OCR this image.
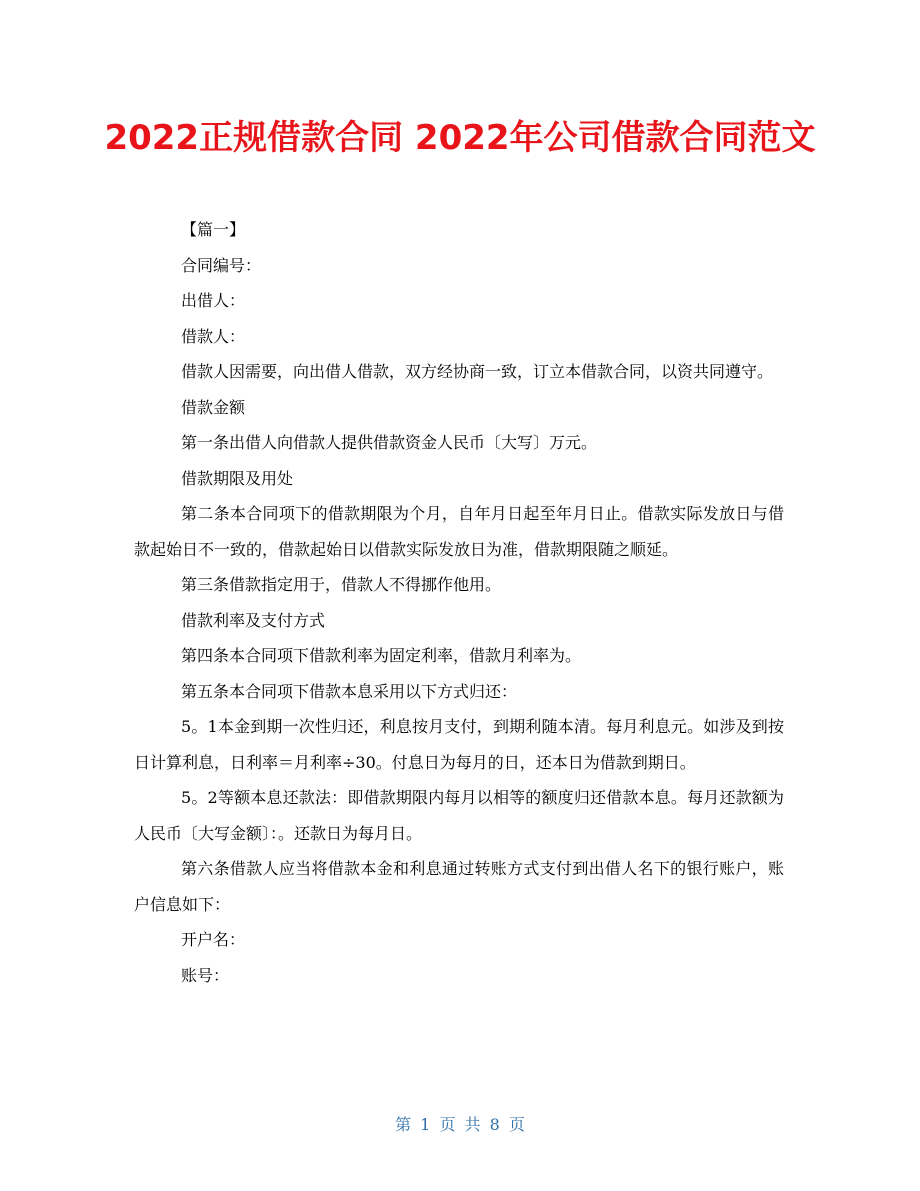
2022正规借款合同 2022年公司借款合同范文

【篇一】

合同编号：

出借人：

借款人：

借款人因需要，向出借人借款，双方经协商一致，订立本借款合同，以资共同遵守。

借款金额

第一条出借人向借款人提供借款资金人民币〔大写〕万元。

借款期限及用处

第二条本合同项下的借款期限为个月，自年月日起至年月日止。借款实际发放日与借款起始日不一致的，借款起始日以借款实际发放日为准，借款期限随之顺延。

第三条借款指定用于，借款人不得挪作他用。

借款利率及支付方式

第四条本合同项下借款利率为固定利率，借款月利率为。

第五条本合同项下借款本息采用以下方式归还：

5。1本金到期一次性归还，利息按月支付，到期利随本清。每月利息元。如涉及到按日计算利息，日利率＝月利率÷30。付息日为每月的日，还本日为借款到期日。

5。2等额本息还款法：即借款期限内每月以相等的额度归还借款本息。每月还款额为人民币〔大写金额〕：。还款日为每月日。

第六条借款人应当将借款本金和利息通过转账方式支付到出借人名下的银行账户，账户信息如下：

开户名：

账号：

第 1 页 共 8 页
